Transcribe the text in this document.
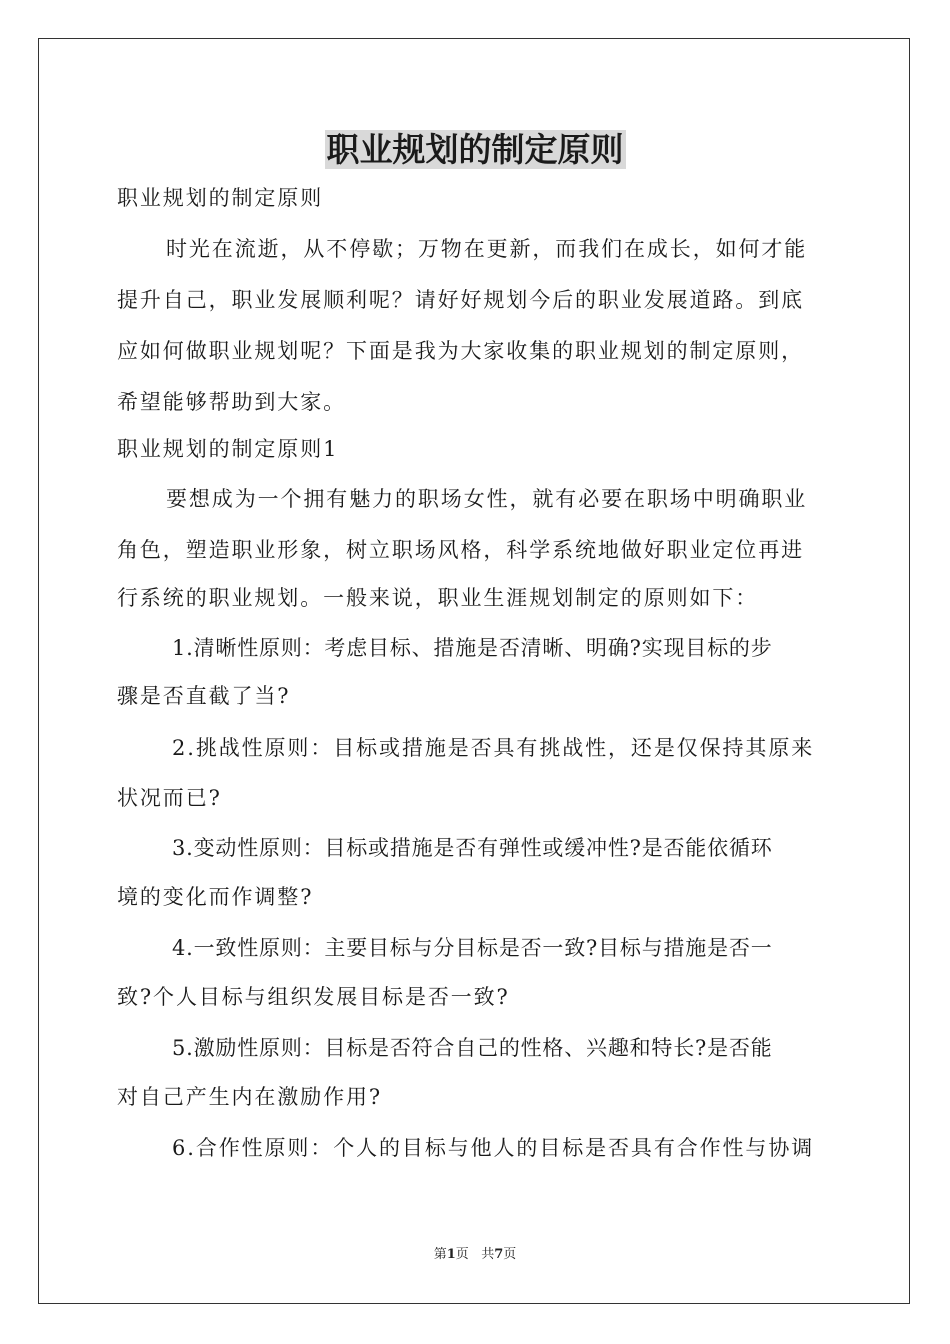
职业规划的制定原则
职业规划的制定原则
时光在流逝，从不停歇；万物在更新，而我们在成长，如何才能
提升自己，职业发展顺利呢？请好好规划今后的职业发展道路。到底
应如何做职业规划呢？下面是我为大家收集的职业规划的制定原则，
希望能够帮助到大家。
职业规划的制定原则1
要想成为一个拥有魅力的职场女性，就有必要在职场中明确职业
角色，塑造职业形象，树立职场风格，科学系统地做好职业定位再进
行系统的职业规划。一般来说，职业生涯规划制定的原则如下：
1.清晰性原则：考虑目标、措施是否清晰、明确?实现目标的步
骤是否直截了当?
2.挑战性原则：目标或措施是否具有挑战性，还是仅保持其原来
状况而已?
3.变动性原则：目标或措施是否有弹性或缓冲性?是否能依循环
境的变化而作调整?
4.一致性原则：主要目标与分目标是否一致?目标与措施是否一
致?个人目标与组织发展目标是否一致?
5.激励性原则：目标是否符合自己的性格、兴趣和特长?是否能
对自己产生内在激励作用?
6.合作性原则：个人的目标与他人的目标是否具有合作性与协调
第1页 共7页
